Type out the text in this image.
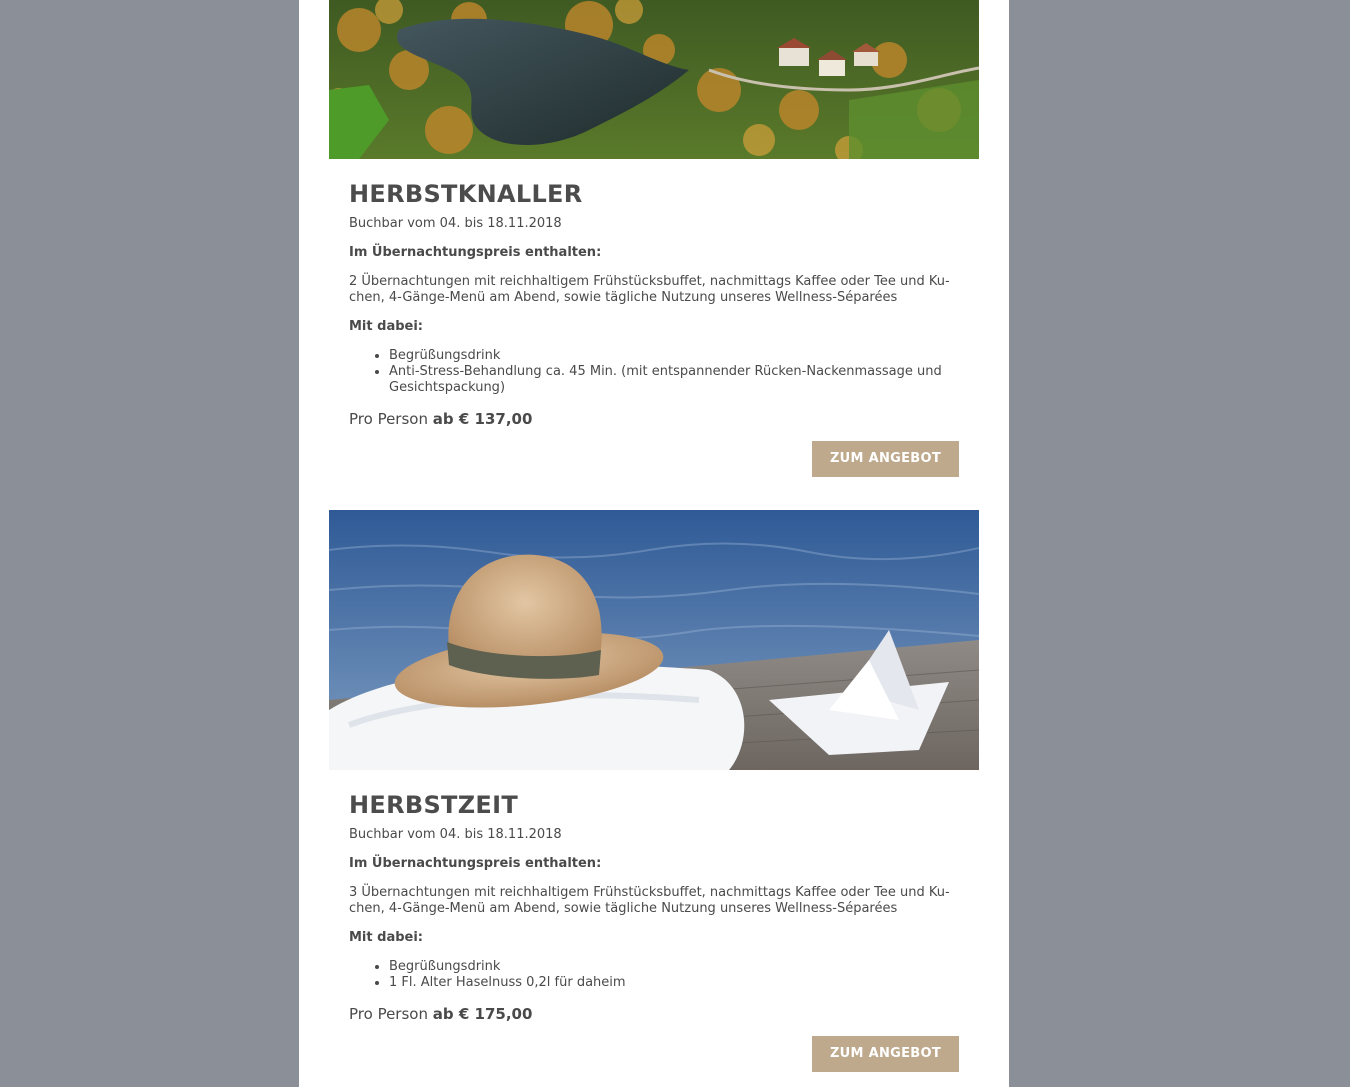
HERBSTKNALLER

Buchbar vom 04. bis 18.11.2018

Im Übernachtungspreis enthalten:

2 Übernachtungen mit reichhaltigem Frühstücksbuffet, nachmittags Kaffee oder Tee und Ku-chen, 4-Gänge-Menü am Abend, sowie tägliche Nutzung unseres Wellness-Séparées

Mit dabei:

• Begrüßungsdrink
• Anti-Stress-Behandlung ca. 45 Min. (mit entspannender Rücken-Nackenmassage und Gesichtspackung)

Pro Person ab € 137,00

ZUM ANGEBOT
HERBSTZEIT

Buchbar vom 04. bis 18.11.2018

Im Übernachtungspreis enthalten:

3 Übernachtungen mit reichhaltigem Frühstücksbuffet, nachmittags Kaffee oder Tee und Ku-chen, 4-Gänge-Menü am Abend, sowie tägliche Nutzung unseres Wellness-Séparées

Mit dabei:

• Begrüßungsdrink
• 1 Fl. Alter Haselnuss 0,2l für daheim

Pro Person ab € 175,00

ZUM ANGEBOT
